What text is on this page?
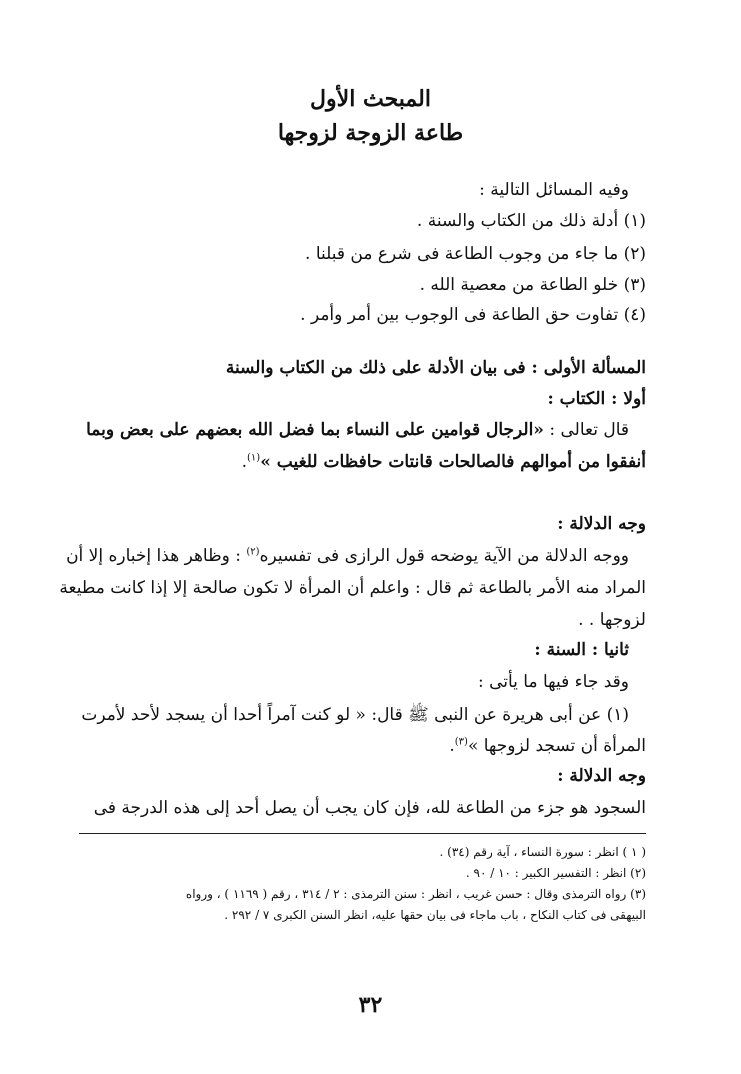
المبحث الأول
طاعة الزوجة لزوجها
وفيه المسائل التالية :
(١) أدلة ذلك من الكتاب والسنة .
(٢) ما جاء من وجوب الطاعة فى شرع من قبلنا .
(٣) خلو الطاعة من معصية الله .
(٤) تفاوت حق الطاعة فى الوجوب بين أمر وأمر .
المسألة الأولى : فى بيان الأدلة على ذلك من الكتاب والسنة
أولا : الكتاب :
قال تعالى : «الرجال قوامين على النساء بما فضل الله بعضهم على بعض وبما
أنفقوا من أموالهم فالصالحات قانتات حافظات للغيب »$^{(١)}$.
وجه الدلالة :
ووجه الدلالة من الآية يوضحه قول الرازى فى تفسيره$^{(٢)}$ : وظاهر هذا إخباره إلا أن
المراد منه الأمر بالطاعة ثم قال : واعلم أن المرأة لا تكون صالحة إلا إذا كانت مطيعة
لزوجها . .
ثانيا : السنة :
وقد جاء فيها ما يأتى :
(١) عن أبى هريرة عن النبى ﷺ قال: « لو كنت آمراً أحدا أن يسجد لأحد لأمرت
المرأة أن تسجد لزوجها »$^{(٣)}$.
وجه الدلالة :
السجود هو جزء من الطاعة لله، فإن كان يجب أن يصل أحد إلى هذه الدرجة فى
( ١ ) انظر : سورة النساء ، آية رقم (٣٤) .
(٢) انظر : التفسير الكبير : ١٠ / ٩٠ .
(٣) رواه الترمذى وقال : حسن غريب ، انظر : سنن الترمذى : ٢ / ٣١٤ ، رقم ( ١١٦٩ ) ، ورواه
البيهقى فى كتاب النكاح ، باب ماجاء فى بيان حقها عليه، انظر السنن الكبرى ٧ / ٢٩٢ .
٣٢
